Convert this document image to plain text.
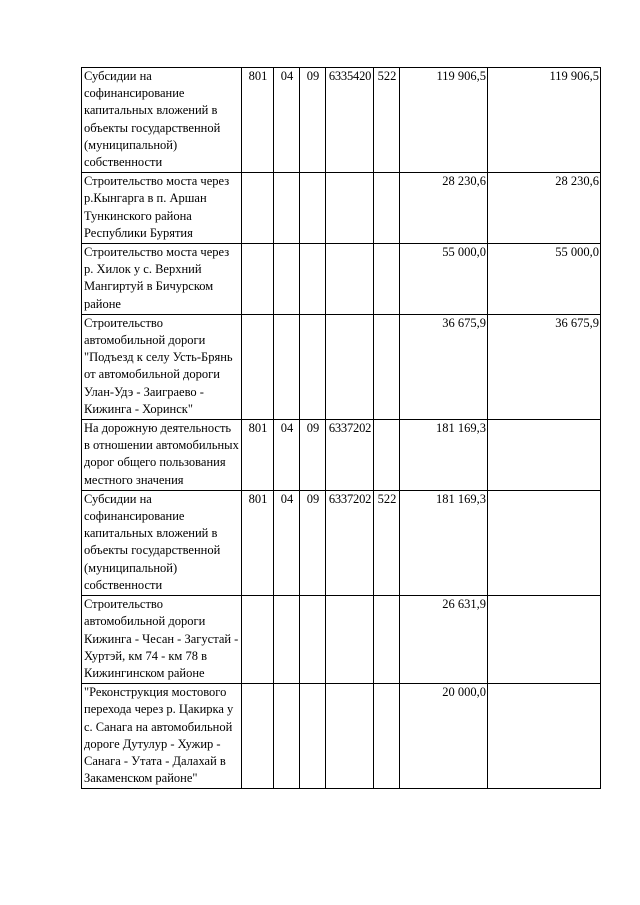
Субсидии на софинансирование капитальных вложений в объекты государственной (муниципальной) собственности	801	04	09	6335420	522	119 906,5	119 906,5
Строительство моста через р.Кынгарга в п. Аршан Тункинского района Республики Бурятия						28 230,6	28 230,6
Строительство моста через р. Хилок у с. Верхний Мангиртуй в Бичурском районе						55 000,0	55 000,0
Строительство автомобильной дороги "Подъезд к селу Усть-Брянь от автомобильной дороги Улан-Удэ - Заиграево - Кижинга - Хоринск"						36 675,9	36 675,9
На дорожную деятельность в отношении автомобильных дорог общего пользования местного значения	801	04	09	6337202		181 169,3	
Субсидии на софинансирование капитальных вложений в объекты государственной (муниципальной) собственности	801	04	09	6337202	522	181 169,3	
Строительство автомобильной дороги Кижинга - Чесан - Загустай - Хуртэй, км 74 - км 78 в Кижингинском районе						26 631,9	
"Реконструкция мостового перехода через р. Цакирка у с. Санага на автомобильной дороге Дутулур - Хужир - Санага - Утата - Далахай в Закаменском районе"						20 000,0	
